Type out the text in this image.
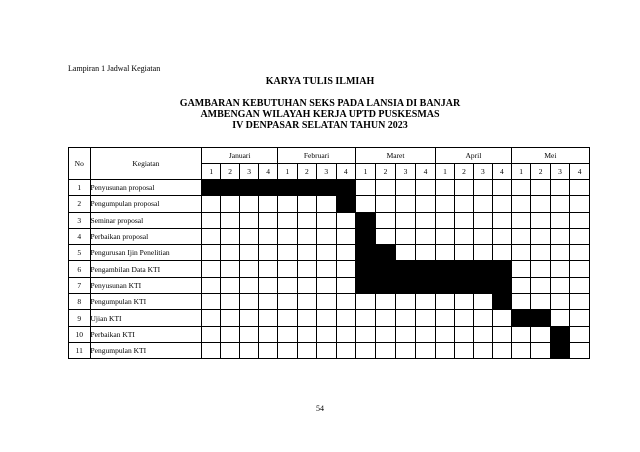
Lampiran 1 Jadwal Kegiatan
KARYA TULIS ILMIAH
GAMBARAN KEBUTUHAN SEKS PADA LANSIA DI BANJAR
AMBENGAN WILAYAH KERJA UPTD PUSKESMAS
IV DENPASAR SELATAN TAHUN 2023
No	Kegiatan	Januari				Februari				Maret				April				Mei			
		1	2	3	4	1	2	3	4	1	2	3	4	1	2	3	4	1	2	3	4
1	Penyusunan proposal																				
2	Pengumpulan proposal																				
3	Seminar proposal																				
4	Perbaikan proposal																				
5	Pengurusan Ijin Penelitian																				
6	Pengambilan Data KTI																				
7	Penyusunan KTI																				
8	Pengumpulan KTI																				
9	Ujian KTI																				
10	Perbaikan KTI																				
11	Pengumpulan KTI																				
54
